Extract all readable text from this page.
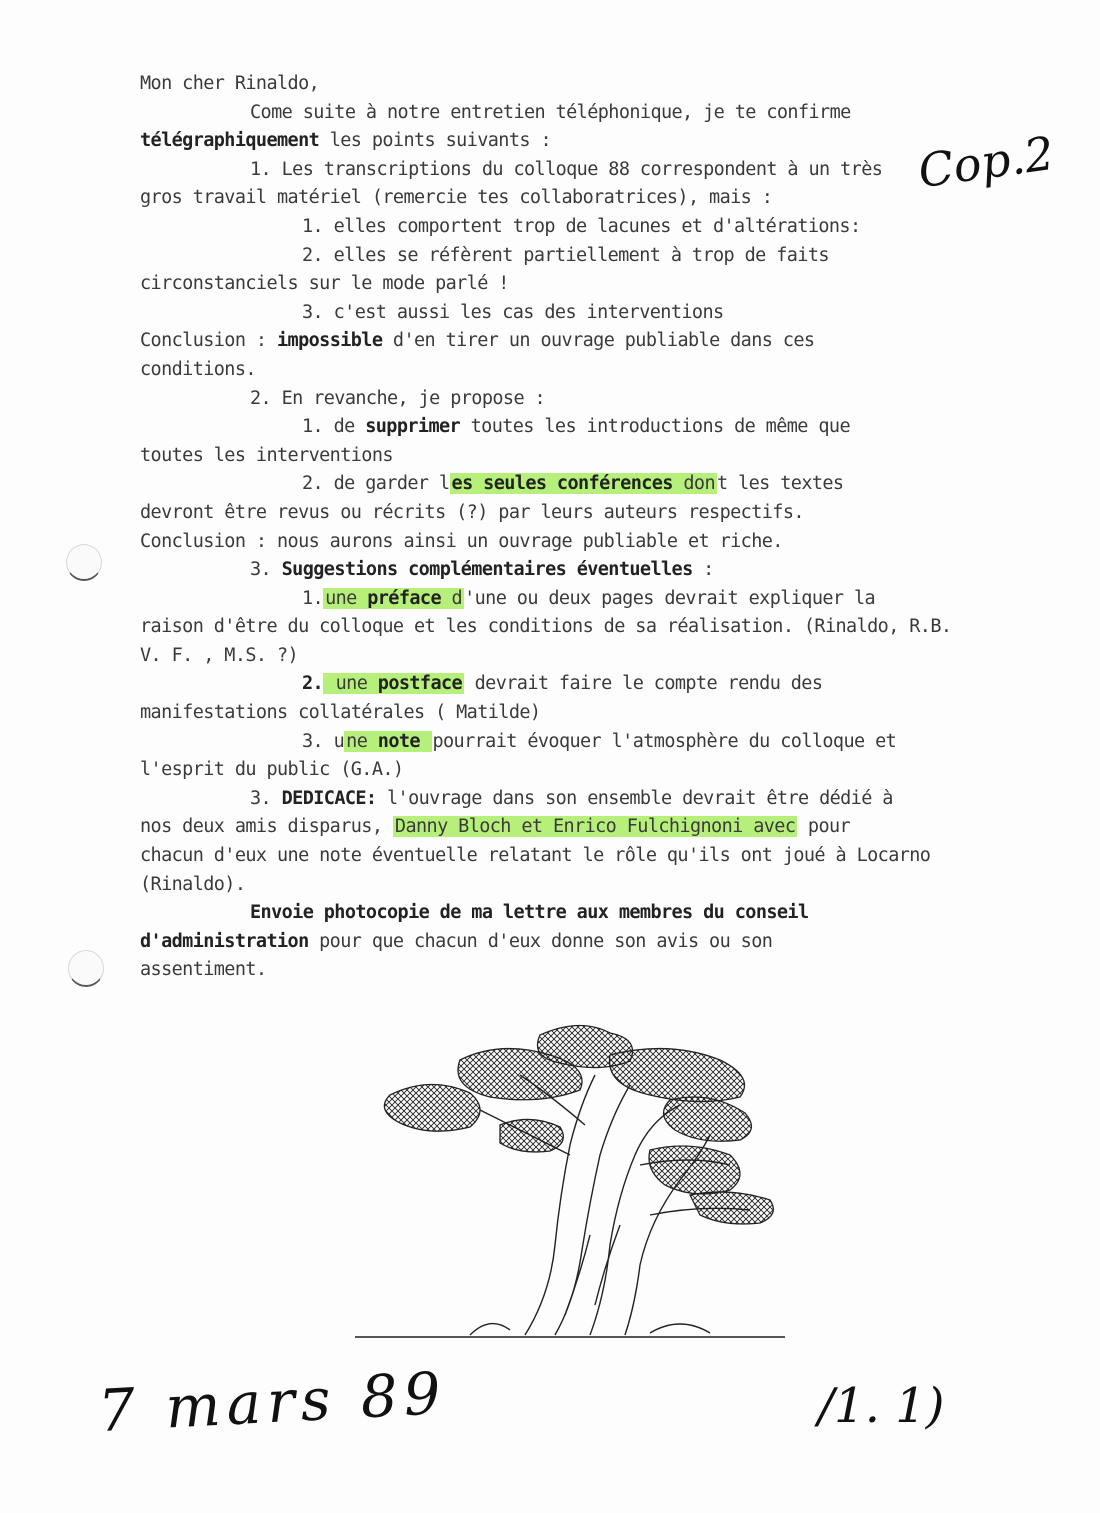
Mon cher Rinaldo,
Come suite à notre entretien téléphonique, je te confirme
télégraphiquement les points suivants :
1. Les transcriptions du colloque 88 correspondent à un très
gros travail matériel (remercie tes collaboratrices), mais :
1. elles comportent trop de lacunes et d'altérations:
2. elles se réfèrent partiellement à trop de faits
circonstanciels sur le mode parlé !
3. c'est aussi les cas des interventions
Conclusion : impossible d'en tirer un ouvrage publiable dans ces
conditions.
2. En revanche, je propose :
1. de supprimer toutes les introductions de même que
toutes les interventions
2. de garder l es seules conférences don t les textes
devront être revus ou récrits (?) par leurs auteurs respectifs.
Conclusion : nous aurons ainsi un ouvrage publiable et riche.
3. Suggestions complémentaires éventuelles :
1. une préface d 'une ou deux pages devrait expliquer la
raison d'être du colloque et les conditions de sa réalisation. (Rinaldo, R.B.
V. F. , M.S. ?)
2. une postface devrait faire le compte rendu des
manifestations collatérales ( Matilde)
3. u ne note pourrait évoquer l'atmosphère du colloque et
l'esprit du public (G.A.)
3. DEDICACE: l'ouvrage dans son ensemble devrait être dédié à
nos deux amis disparus, Danny Bloch et Enrico Fulchignoni avec pour
chacun d'eux une note éventuelle relatant le rôle qu'ils ont joué à Locarno
(Rinaldo).
Envoie photocopie de ma lettre aux membres du conseil
d'administration pour que chacun d'eux donne son avis ou son
assentiment.
Cop.2
7 mars 89	/1. 1)
